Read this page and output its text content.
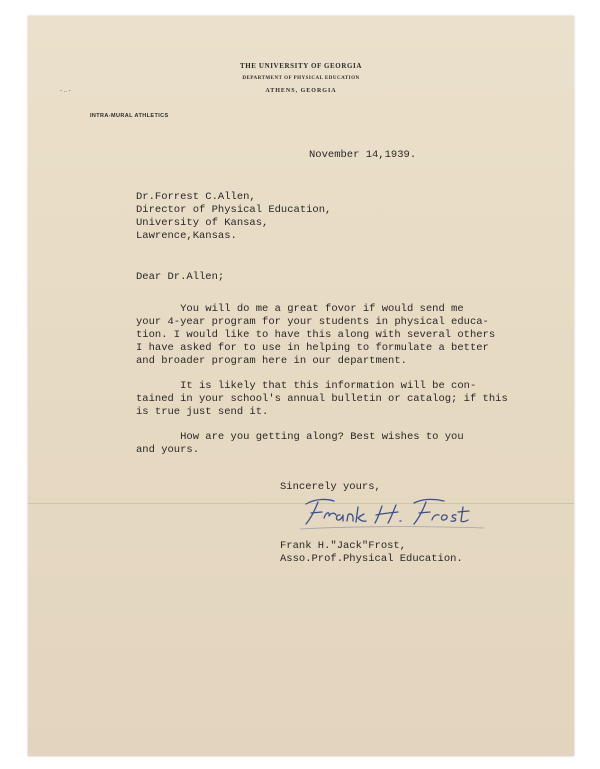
THE UNIVERSITY OF GEORGIA
DEPARTMENT OF PHYSICAL EDUCATION
ATHENS, GEORGIA
- .. -
INTRA-MURAL ATHLETICS
November 14,1939.
Dr.Forrest C.Allen,
Director of Physical Education,
University of Kansas,
Lawrence,Kansas.
Dear Dr.Allen;
You will do me a great fovor if would send me
your 4-year program for your students in physical educa-
tion. I would like to have this along with several others
I have asked for to use in helping to formulate a better
and broader program here in our department.
It is likely that this information will be con-
tained in your school's annual bulletin or catalog; if this
is true just send it.
How are you getting along? Best wishes to you
and yours.
Sincerely yours,
Frank H."Jack"Frost,
Asso.Prof.Physical Education.
